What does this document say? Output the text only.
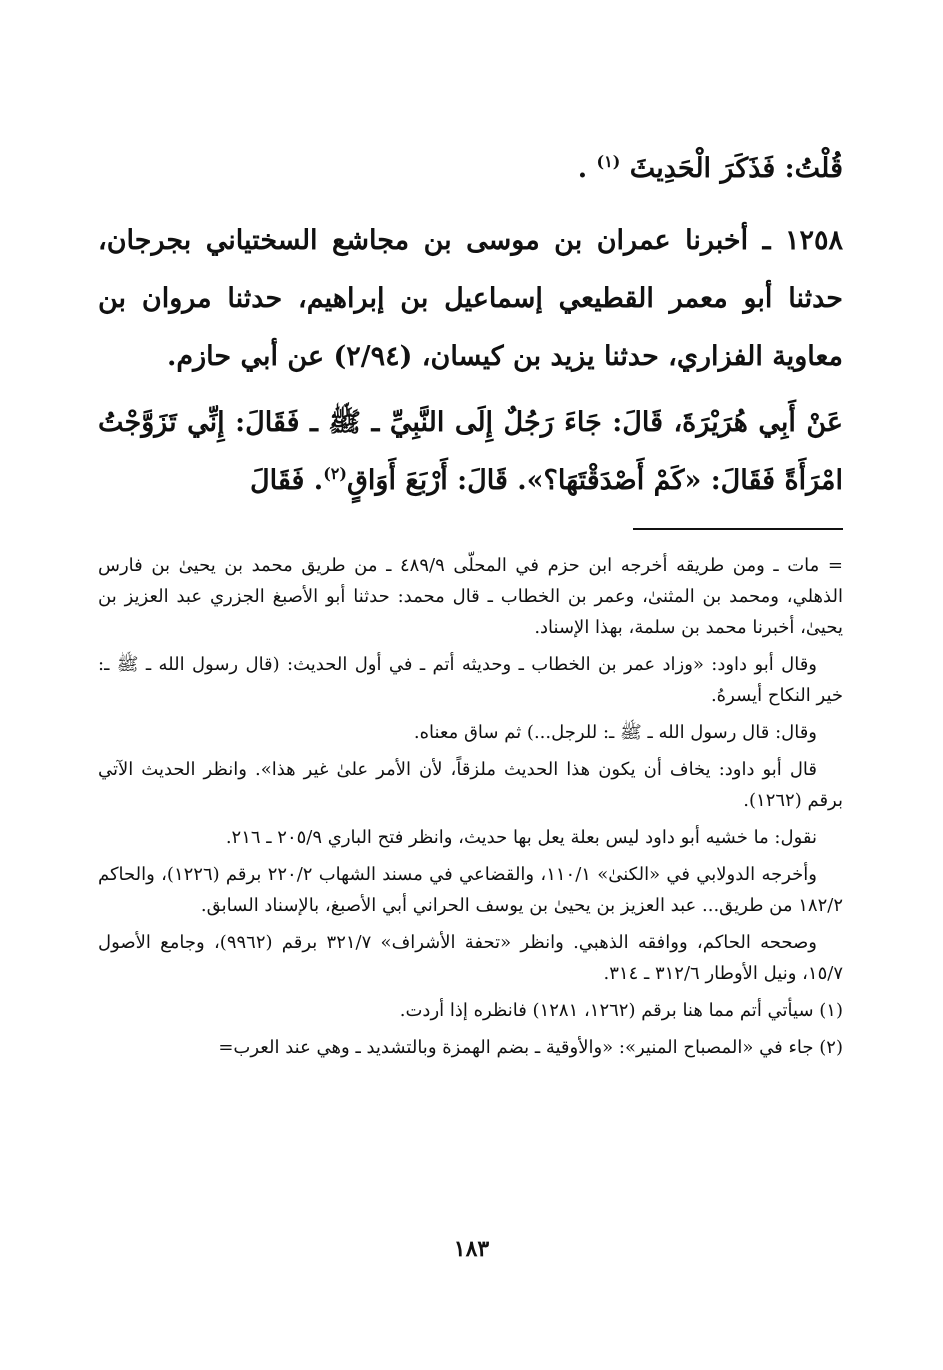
قُلْتُ: فَذَكَرَ الْحَدِيثَ $^{(١)}$ .

١٢٥٨ ـ أخبرنا عمران بن موسى بن مجاشع السختياني بجرجان، حدثنا أبو معمر القطيعي إسماعيل بن إبراهيم، حدثنا مروان بن معاوية الفزاري، حدثنا يزيد بن كيسان، (٢/٩٤) عن أبي حازم.

عَنْ أَبِي هُرَيْرَةَ، قَالَ: جَاءَ رَجُلٌ إِلَى النَّبِيِّ ـ ﷺ ـ فَقَالَ: إِنِّي تَزَوَّجْتُ امْرَأَةً فَقَالَ: «كَمْ أَصْدَقْتَهَا؟». قَالَ: أَرْبَعَ أَوَاقٍ$^{(٢)}$. فَقَالَ

= مات ـ ومن طريقه أخرجه ابن حزم في المحلّى ٤٨٩/٩ ـ من طريق محمد بن يحيىٰ بن فارس الذهلي، ومحمد بن المثنىٰ، وعمر بن الخطاب ـ قال محمد: حدثنا أبو الأصبغ الجزري عبد العزيز بن يحيىٰ، أخبرنا محمد بن سلمة، بهذا الإسناد.

وقال أبو داود: «وزاد عمر بن الخطاب ـ وحديثه أتم ـ في أول الحديث: (قال رسول الله ـ ﷺ ـ: خير النكاح أيسرهُ.

وقال: قال رسول الله ـ ﷺ ـ: للرجل...) ثم ساق معناه.

قال أبو داود: يخاف أن يكون هذا الحديث ملزقاً، لأن الأمر علىٰ غير هذا». وانظر الحديث الآتي برقم (١٢٦٢).

نقول: ما خشيه أبو داود ليس بعلة يعل بها حديث، وانظر فتح الباري ٢٠٥/٩ ـ ٢١٦.

وأخرجه الدولابي في «الكنىٰ» ١١٠/١، والقضاعي في مسند الشهاب ٢٢٠/٢ برقم (١٢٢٦)، والحاكم ١٨٢/٢ من طريق... عبد العزيز بن يحيىٰ بن يوسف الحراني أبي الأصبغ، بالإسناد السابق.

وصححه الحاكم، ووافقه الذهبي. وانظر «تحفة الأشراف» ٣٢١/٧ برقم (٩٩٦٢)، وجامع الأصول ١٥/٧، ونيل الأوطار ٣١٢/٦ ـ ٣١٤.

(١) سيأتي أتم مما هنا برقم (١٢٦٢، ١٢٨١) فانظره إذا أردت.

(٢) جاء في «المصباح المنير»: «والأوقية ـ بضم الهمزة وبالتشديد ـ وهي عند العرب=

١٨٣
